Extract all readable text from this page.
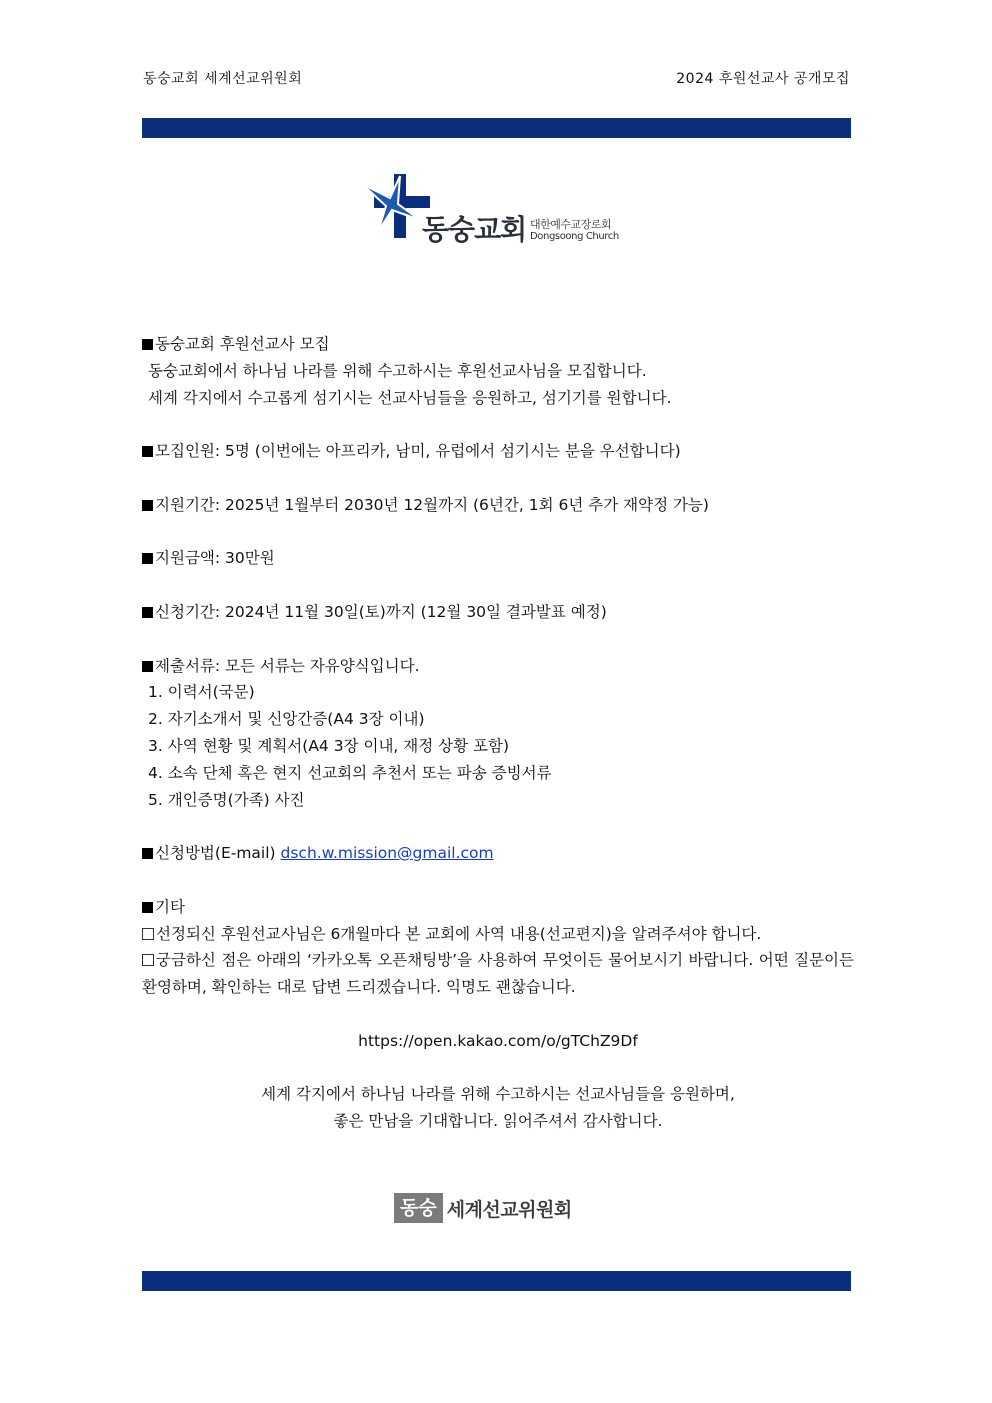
동숭교회 세계선교위원회	2024 후원선교사 공개모집
동숭교회 대한예수교장로회
Dongsoong Church
동숭교회 후원선교사 모집
동숭교회에서 하나님 나라를 위해 수고하시는 후원선교사님을 모집합니다.
세계 각지에서 수고롭게 섬기시는 선교사님들을 응원하고, 섬기기를 원합니다.
모집인원: 5명 (이번에는 아프리카, 남미, 유럽에서 섬기시는 분을 우선합니다)
지원기간: 2025년 1월부터 2030년 12월까지 (6년간, 1회 6년 추가 재약정 가능)
지원금액: 30만원
신청기간: 2024년 11월 30일(토)까지 (12월 30일 결과발표 예정)
제출서류: 모든 서류는 자유양식입니다.
1. 이력서(국문)
2. 자기소개서 및 신앙간증(A4 3장 이내)
3. 사역 현황 및 계획서(A4 3장 이내, 재정 상황 포함)
4. 소속 단체 혹은 현지 선교회의 추천서 또는 파송 증빙서류
5. 개인증명(가족) 사진
신청방법(E-mail) dsch.w.mission@gmail.com
기타
선정되신 후원선교사님은 6개월마다 본 교회에 사역 내용(선교편지)을 알려주셔야 합니다.
궁금하신 점은 아래의 ‘카카오톡 오픈채팅방’을 사용하여 무엇이든 물어보시기 바랍니다. 어떤 질문이든 환영하며, 확인하는 대로 답변 드리겠습니다. 익명도 괜찮습니다.
https://open.kakao.com/o/gTChZ9Df
세계 각지에서 하나님 나라를 위해 수고하시는 선교사님들을 응원하며,
좋은 만남을 기대합니다. 읽어주셔서 감사합니다.
동숭 세계선교위원회
